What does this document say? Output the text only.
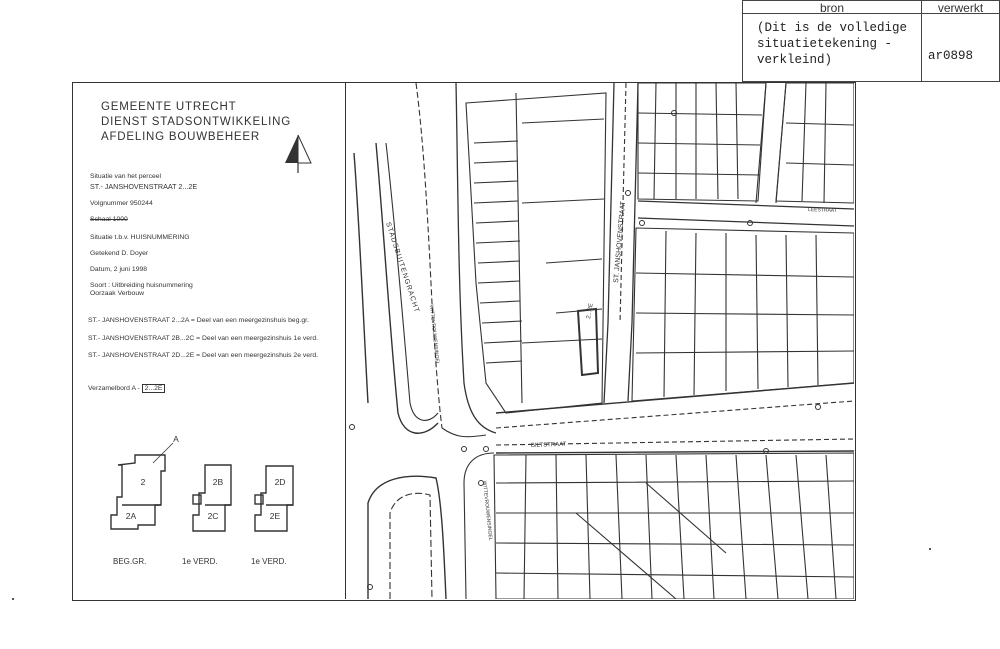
bron	verwerkt
(Dit is de volledige
situatietekening -
verkleind)	ar0898
GEMEENTE UTRECHT
DIENST STADSONTWIKKELING
AFDELING BOUWBEHEER
Situatie van het perceel
ST.- JANSHOVENSTRAAT 2...2E
Volgnummer 950244
Schaal 1000
Situatie t.b.v. HUISNUMMERING
Getekend D. Doyer
Datum, 2 juni 1998
Soort : Uitbreiding huisnummering
Oorzaak Verbouw
ST.- JANSHOVENSTRAAT 2...2A = Deel van een meergezinshuis beg.gr.
ST.- JANSHOVENSTRAAT 2B...2C = Deel van een meergezinshuis 1e verd.
ST.- JANSHOVENSTRAAT 2D...2E = Deel van een meergezinshuis 2e verd.
Verzamelbord A - 2...2E
A
2
2A
2B
2C
2D
2E
BEG.GR.	1e VERD.	1e VERD.
STADSBUITENGRACHT	ST. JANSHOVENSTRAAT
BILTSTRAAT
WITTEVROUWENSINGEL
WITTEVROUWENSINGEL
LEESTRAAT
2...2E
